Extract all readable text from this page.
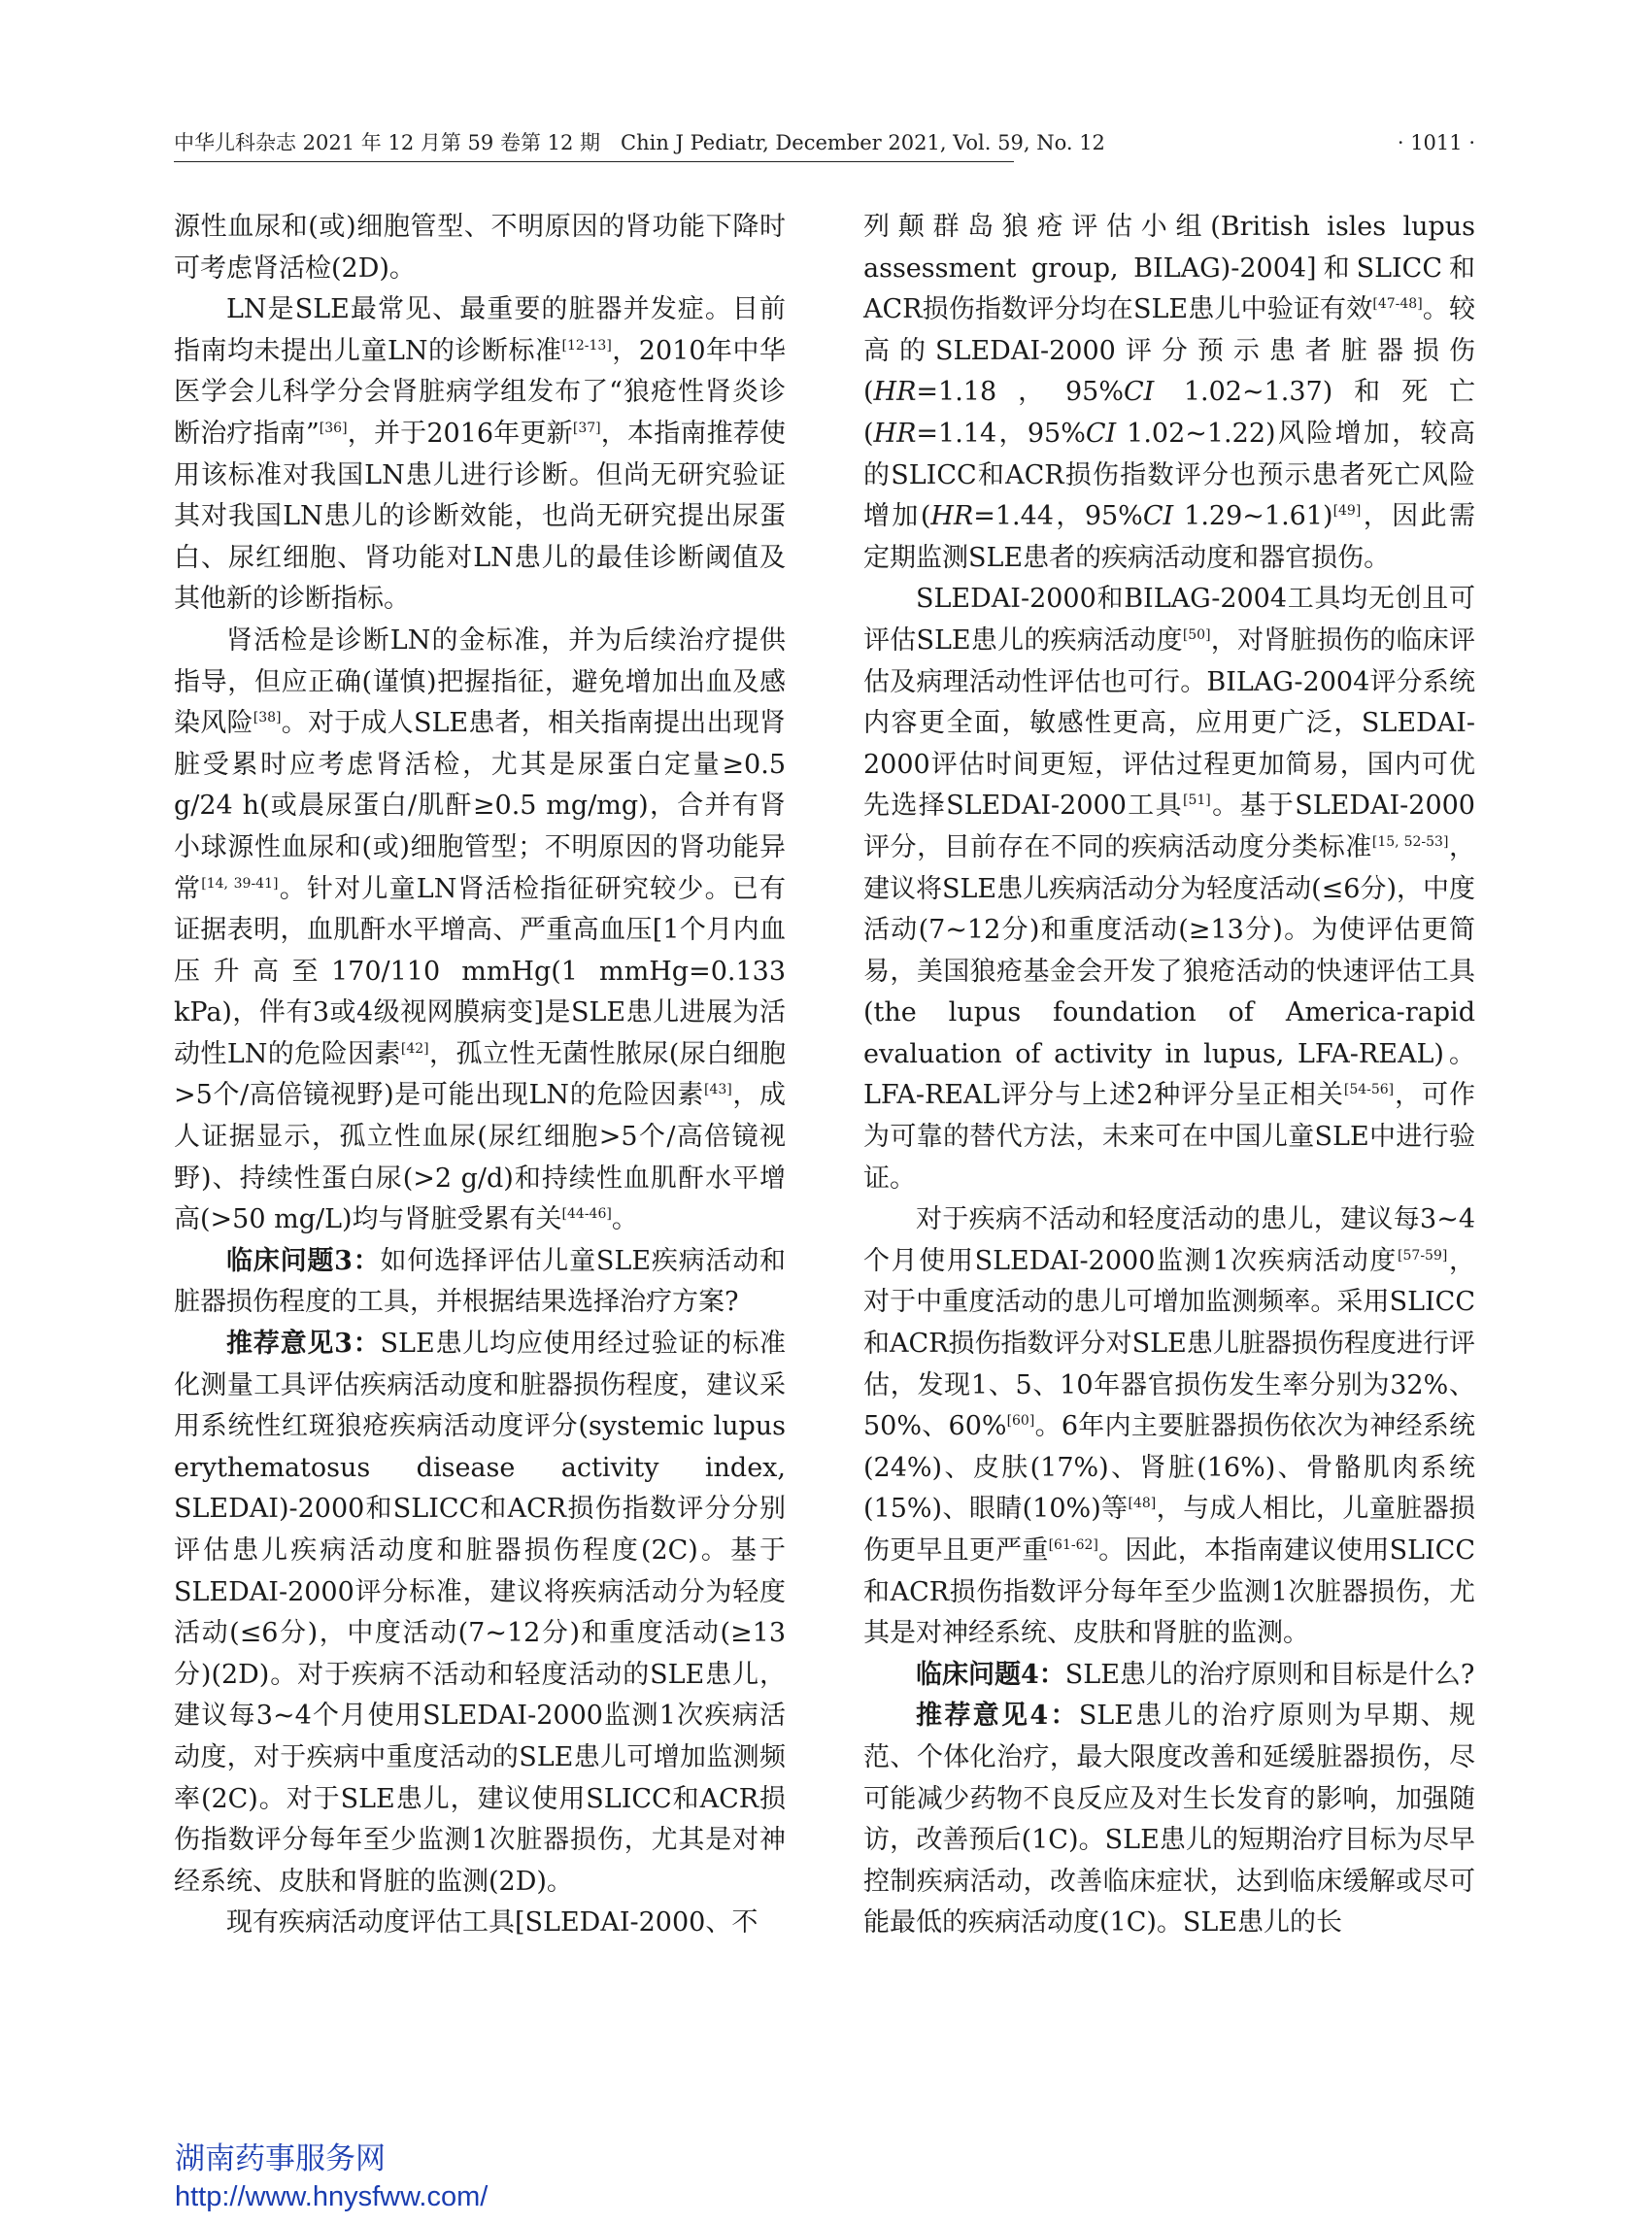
中华儿科杂志 2021 年 12 月第 59 卷第 12 期　Chin J Pediatr, December 2021, Vol. 59, No. 12	· 1011 ·

源性血尿和(或)细胞管型、不明原因的肾功能下降时可考虑肾活检(2D)。

LN是SLE最常见、最重要的脏器并发症。目前指南均未提出儿童LN的诊断标准[12-13]，2010年中华医学会儿科学分会肾脏病学组发布了“狼疮性肾炎诊断治疗指南”[36]，并于2016年更新[37]，本指南推荐使用该标准对我国LN患儿进行诊断。但尚无研究验证其对我国LN患儿的诊断效能，也尚无研究提出尿蛋白、尿红细胞、肾功能对LN患儿的最佳诊断阈值及其他新的诊断指标。

肾活检是诊断LN的金标准，并为后续治疗提供指导，但应正确(谨慎)把握指征，避免增加出血及感染风险[38]。对于成人SLE患者，相关指南提出出现肾脏受累时应考虑肾活检，尤其是尿蛋白定量≥0.5 g/24 h(或晨尿蛋白/肌酐≥0.5 mg/mg)，合并有肾小球源性血尿和(或)细胞管型；不明原因的肾功能异常[14, 39-41]。针对儿童LN肾活检指征研究较少。已有证据表明，血肌酐水平增高、严重高血压[1个月内血压升高至170/110 mmHg(1 mmHg=0.133 kPa)，伴有3或4级视网膜病变]是SLE患儿进展为活动性LN的危险因素[42]，孤立性无菌性脓尿(尿白细胞>5个/高倍镜视野)是可能出现LN的危险因素[43]，成人证据显示，孤立性血尿(尿红细胞>5个/高倍镜视野)、持续性蛋白尿(>2 g/d)和持续性血肌酐水平增高(>50 mg/L)均与肾脏受累有关[44-46]。

临床问题3：如何选择评估儿童SLE疾病活动和脏器损伤程度的工具，并根据结果选择治疗方案?

推荐意见3：SLE患儿均应使用经过验证的标准化测量工具评估疾病活动度和脏器损伤程度，建议采用系统性红斑狼疮疾病活动度评分(systemic lupus erythematosus disease activity index, SLEDAI)-2000和SLICC和ACR损伤指数评分分别评估患儿疾病活动度和脏器损伤程度(2C)。基于SLEDAI-2000评分标准，建议将疾病活动分为轻度活动(≤6分)，中度活动(7~12分)和重度活动(≥13分)(2D)。对于疾病不活动和轻度活动的SLE患儿，建议每3~4个月使用SLEDAI-2000监测1次疾病活动度，对于疾病中重度活动的SLE患儿可增加监测频率(2C)。对于SLE患儿，建议使用SLICC和ACR损伤指数评分每年至少监测1次脏器损伤，尤其是对神经系统、皮肤和肾脏的监测(2D)。

现有疾病活动度评估工具[SLEDAI-2000、不

列颠群岛狼疮评估小组(British isles lupus assessment group, BILAG)-2004]和SLICC和ACR损伤指数评分均在SLE患儿中验证有效[47-48]。较高的SLEDAI-2000评分预示患者脏器损伤(HR=1.18，95%CI 1.02~1.37)和死亡(HR=1.14，95%CI 1.02~1.22)风险增加，较高的SLICC和ACR损伤指数评分也预示患者死亡风险增加(HR=1.44，95%CI 1.29~1.61)[49]，因此需定期监测SLE患者的疾病活动度和器官损伤。

SLEDAI-2000和BILAG-2004工具均无创且可评估SLE患儿的疾病活动度[50]，对肾脏损伤的临床评估及病理活动性评估也可行。BILAG-2004评分系统内容更全面，敏感性更高，应用更广泛，SLEDAI-2000评估时间更短，评估过程更加简易，国内可优先选择SLEDAI-2000工具[51]。基于SLEDAI-2000评分，目前存在不同的疾病活动度分类标准[15, 52-53]，建议将SLE患儿疾病活动分为轻度活动(≤6分)，中度活动(7~12分)和重度活动(≥13分)。为使评估更简易，美国狼疮基金会开发了狼疮活动的快速评估工具(the lupus foundation of America-rapid evaluation of activity in lupus, LFA-REAL)。LFA-REAL评分与上述2种评分呈正相关[54-56]，可作为可靠的替代方法，未来可在中国儿童SLE中进行验证。

对于疾病不活动和轻度活动的患儿，建议每3~4个月使用SLEDAI-2000监测1次疾病活动度[57-59]，对于中重度活动的患儿可增加监测频率。采用SLICC和ACR损伤指数评分对SLE患儿脏器损伤程度进行评估，发现1、5、10年器官损伤发生率分别为32%、50%、60%[60]。6年内主要脏器损伤依次为神经系统(24%)、皮肤(17%)、肾脏(16%)、骨骼肌肉系统(15%)、眼睛(10%)等[48]，与成人相比，儿童脏器损伤更早且更严重[61-62]。因此，本指南建议使用SLICC和ACR损伤指数评分每年至少监测1次脏器损伤，尤其是对神经系统、皮肤和肾脏的监测。

临床问题4：SLE患儿的治疗原则和目标是什么?

推荐意见4：SLE患儿的治疗原则为早期、规范、个体化治疗，最大限度改善和延缓脏器损伤，尽可能减少药物不良反应及对生长发育的影响，加强随访，改善预后(1C)。SLE患儿的短期治疗目标为尽早控制疾病活动，改善临床症状，达到临床缓解或尽可能最低的疾病活动度(1C)。SLE患儿的长

湖南药事服务网
http://www.hnysfww.com/
